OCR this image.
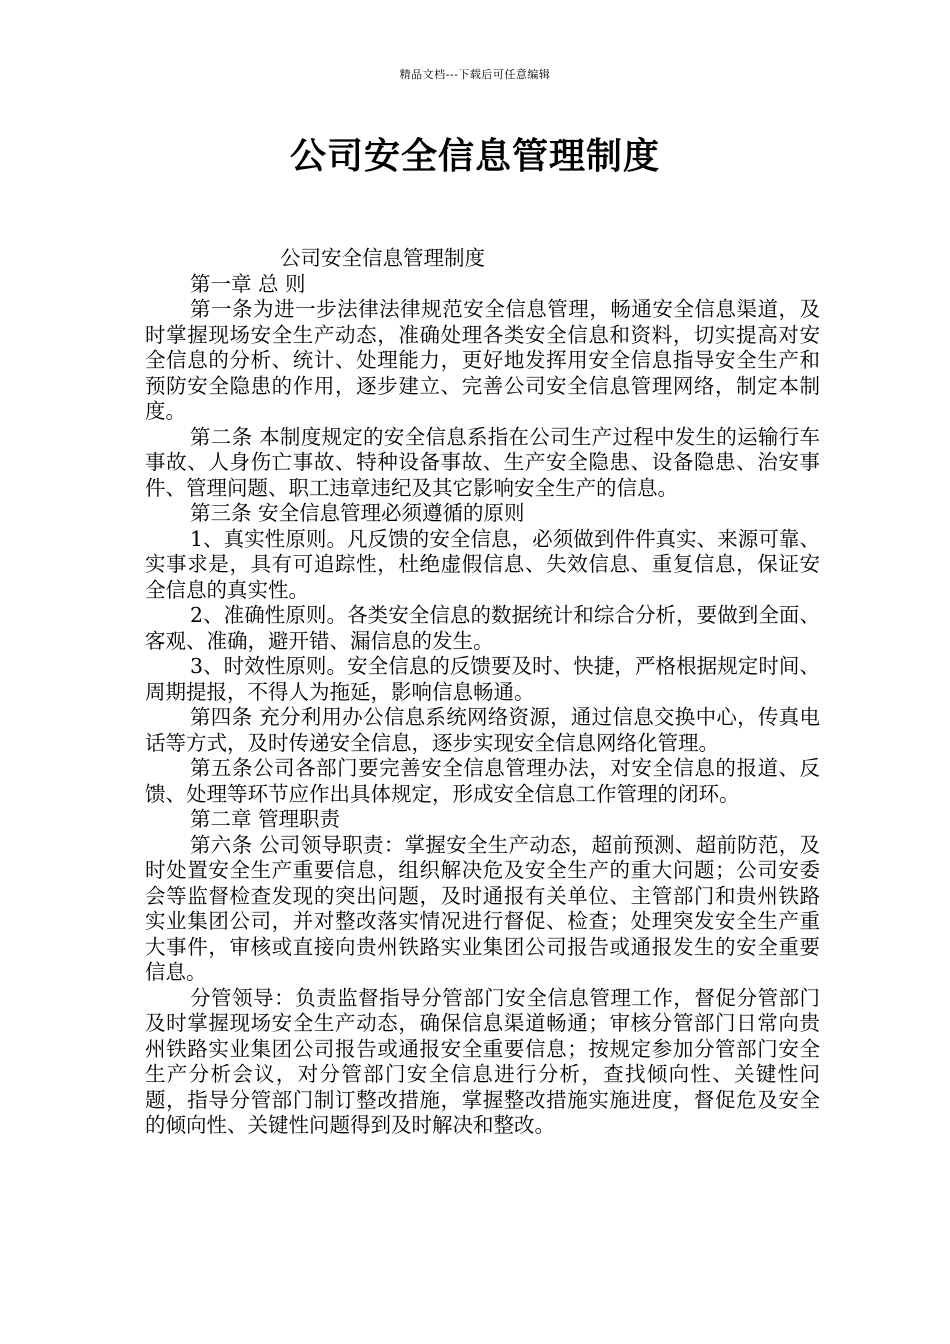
精品文档---下载后可任意编辑
公司安全信息管理制度

公司安全信息管理制度

第一章 总 则

第一条为进一步法律法律规范安全信息管理，畅通安全信息渠道，及时掌握现场安全生产动态，准确处理各类安全信息和资料，切实提高对安全信息的分析、统计、处理能力，更好地发挥用安全信息指导安全生产和预防安全隐患的作用，逐步建立、完善公司安全信息管理网络，制定本制度。

第二条 本制度规定的安全信息系指在公司生产过程中发生的运输行车事故、人身伤亡事故、特种设备事故、生产安全隐患、设备隐患、治安事件、管理问题、职工违章违纪及其它影响安全生产的信息。

第三条 安全信息管理必须遵循的原则

1、真实性原则。凡反馈的安全信息，必须做到件件真实、来源可靠、实事求是，具有可追踪性，杜绝虚假信息、失效信息、重复信息，保证安全信息的真实性。

2、准确性原则。各类安全信息的数据统计和综合分析，要做到全面、客观、准确，避开错、漏信息的发生。

3、时效性原则。安全信息的反馈要及时、快捷，严格根据规定时间、周期提报，不得人为拖延，影响信息畅通。

第四条 充分利用办公信息系统网络资源，通过信息交换中心，传真电话等方式，及时传递安全信息，逐步实现安全信息网络化管理。

第五条公司各部门要完善安全信息管理办法，对安全信息的报道、反馈、处理等环节应作出具体规定，形成安全信息工作管理的闭环。

第二章 管理职责

第六条 公司领导职责：掌握安全生产动态，超前预测、超前防范，及时处置安全生产重要信息，组织解决危及安全生产的重大问题；公司安委会等监督检查发现的突出问题，及时通报有关单位、主管部门和贵州铁路实业集团公司，并对整改落实情况进行督促、检查；处理突发安全生产重大事件，审核或直接向贵州铁路实业集团公司报告或通报发生的安全重要信息。

分管领导：负责监督指导分管部门安全信息管理工作，督促分管部门及时掌握现场安全生产动态，确保信息渠道畅通；审核分管部门日常向贵州铁路实业集团公司报告或通报安全重要信息；按规定参加分管部门安全生产分析会议，对分管部门安全信息进行分析，查找倾向性、关键性问题，指导分管部门制订整改措施，掌握整改措施实施进度，督促危及安全的倾向性、关键性问题得到及时解决和整改。
